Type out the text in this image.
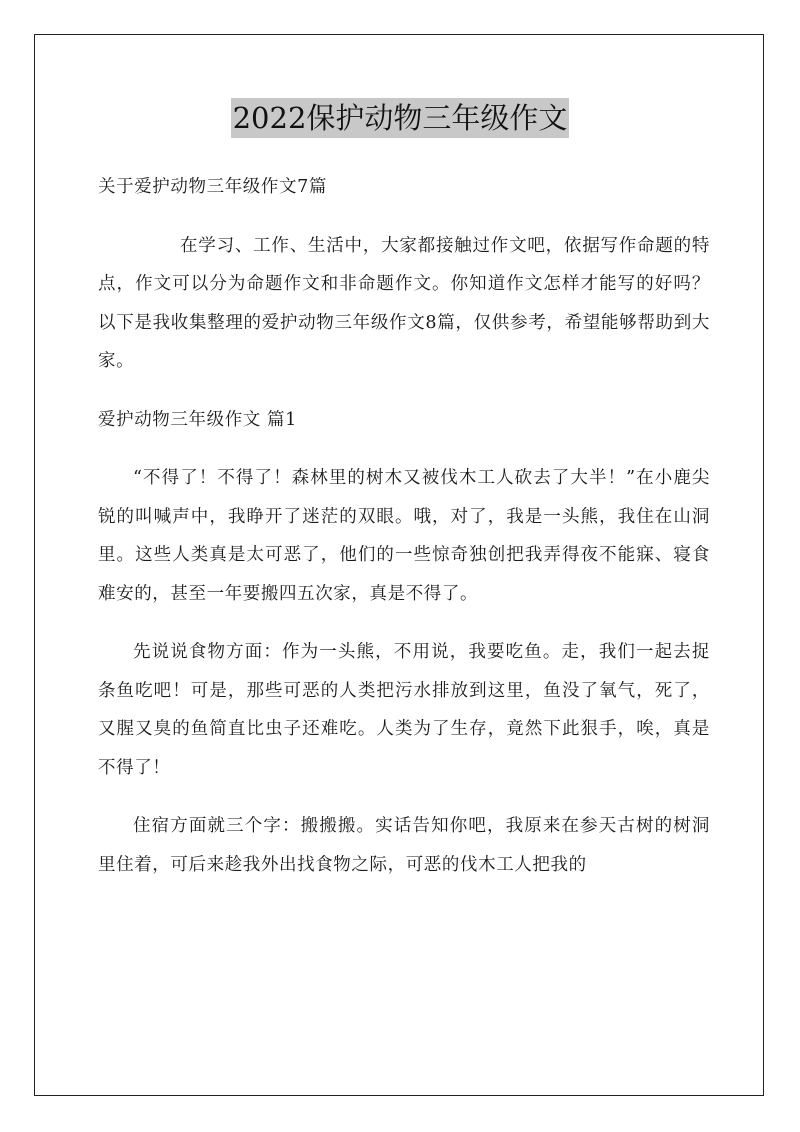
2022保护动物三年级作文

关于爱护动物三年级作文7篇

在学习、工作、生活中，大家都接触过作文吧，依据写作命题的特点，作文可以分为命题作文和非命题作文。你知道作文怎样才能写的好吗？以下是我收集整理的爱护动物三年级作文8篇，仅供参考，希望能够帮助到大家。

爱护动物三年级作文 篇1

“不得了！不得了！森林里的树木又被伐木工人砍去了大半！”在小鹿尖锐的叫喊声中，我睁开了迷茫的双眼。哦，对了，我是一头熊，我住在山洞里。这些人类真是太可恶了，他们的一些惊奇独创把我弄得夜不能寐、寝食难安的，甚至一年要搬四五次家，真是不得了。

先说说食物方面：作为一头熊，不用说，我要吃鱼。走，我们一起去捉条鱼吃吧！可是，那些可恶的人类把污水排放到这里，鱼没了氧气，死了，又腥又臭的鱼简直比虫子还难吃。人类为了生存，竟然下此狠手，唉，真是不得了！

住宿方面就三个字：搬搬搬。实话告知你吧，我原来在参天古树的树洞里住着，可后来趁我外出找食物之际，可恶的伐木工人把我的
